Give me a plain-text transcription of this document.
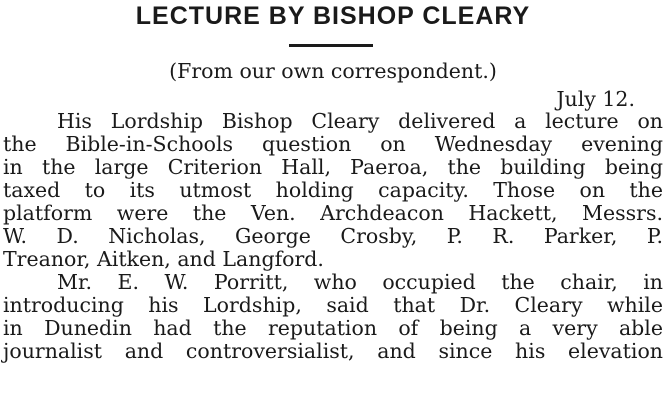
LECTURE BY BISHOP CLEARY
(From our own correspondent.)
July 12.
His Lordship Bishop Cleary delivered a lecture on
the Bible-in-Schools question on Wednesday evening
in the large Criterion Hall, Paeroa, the building being
taxed to its utmost holding capacity. Those on the
platform were the Ven. Archdeacon Hackett, Messrs.
W. D. Nicholas, George Crosby, P. R. Parker, P.
Treanor, Aitken, and Langford.
Mr. E. W. Porritt, who occupied the chair, in
introducing his Lordship, said that Dr. Cleary while
in Dunedin had the reputation of being a very able
journalist and controversialist, and since his elevation
